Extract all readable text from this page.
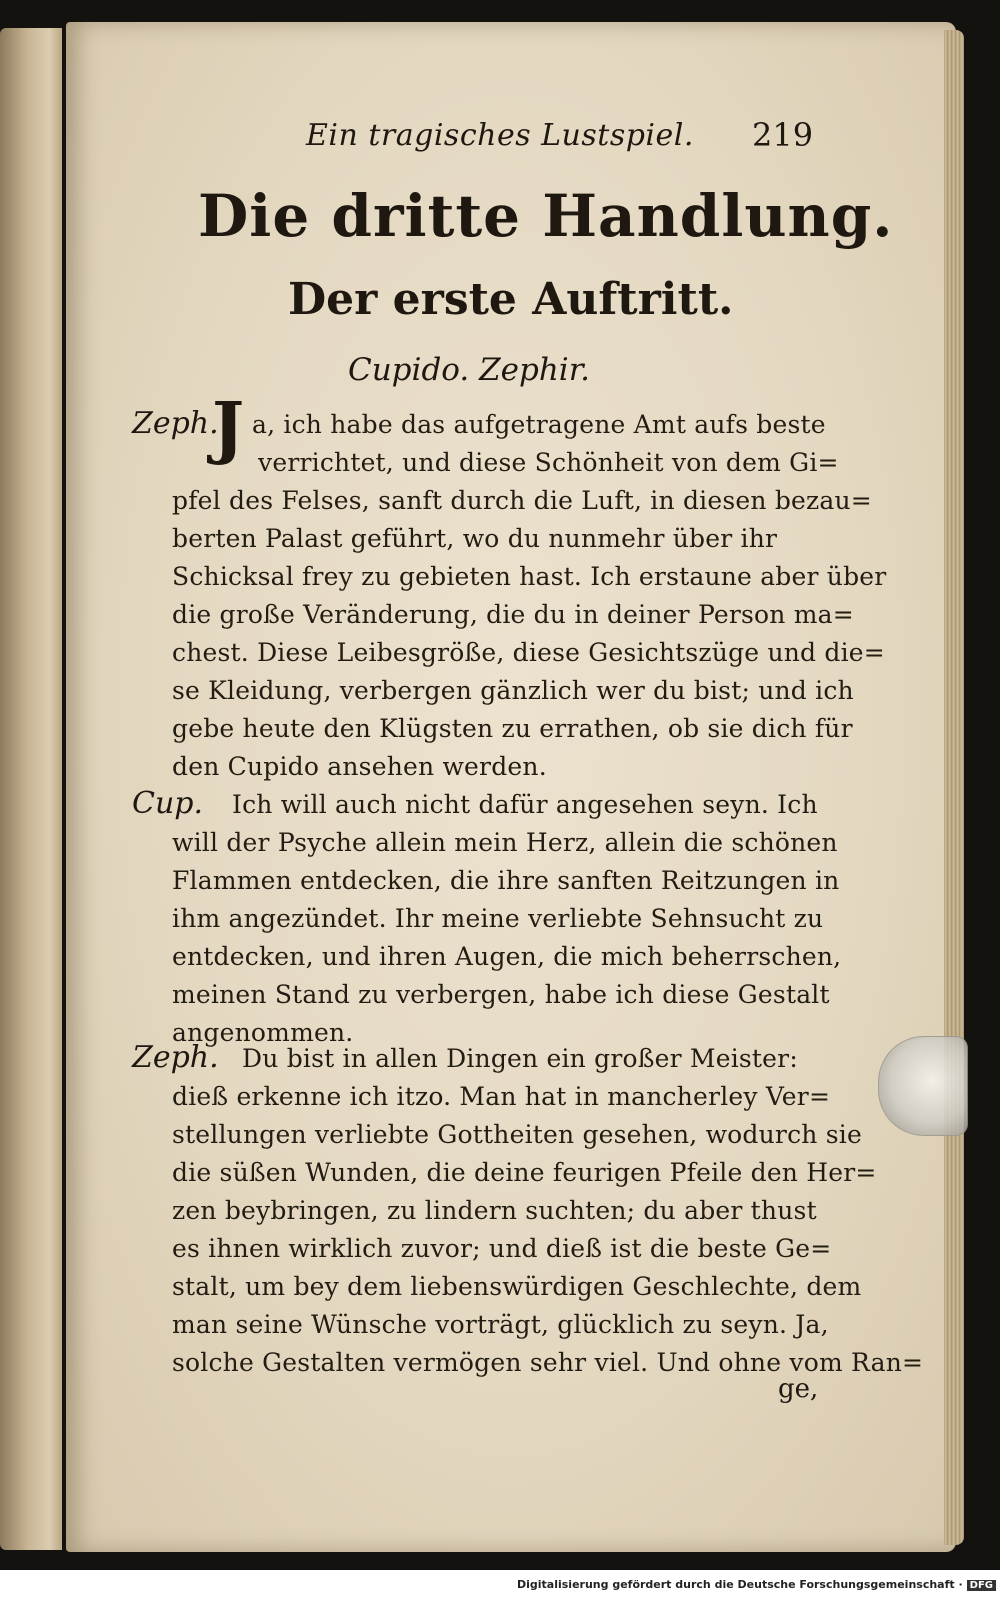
Ein tragisches Lustspiel. 219
Die dritte Handlung.
Der erste Auftritt.
Cupido. Zephir.
Zeph.
J a, ich habe das aufgetragene Amt aufs beste
verrichtet, und diese Schönheit von dem Gi=
pfel des Felses, sanft durch die Luft, in diesen bezau=
berten Palast geführt, wo du nunmehr über ihr
Schicksal frey zu gebieten hast. Ich erstaune aber über
die große Veränderung, die du in deiner Person ma=
chest. Diese Leibesgröße, diese Gesichtszüge und die=
se Kleidung, verbergen gänzlich wer du bist; und ich
gebe heute den Klügsten zu errathen, ob sie dich für
den Cupido ansehen werden.
Cup. Ich will auch nicht dafür angesehen seyn. Ich
will der Psyche allein mein Herz, allein die schönen
Flammen entdecken, die ihre sanften Reitzungen in
ihm angezündet. Ihr meine verliebte Sehnsucht zu
entdecken, und ihren Augen, die mich beherrschen,
meinen Stand zu verbergen, habe ich diese Gestalt
angenommen.
Zeph. Du bist in allen Dingen ein großer Meister:
dieß erkenne ich itzo. Man hat in mancherley Ver=
stellungen verliebte Gottheiten gesehen, wodurch sie
die süßen Wunden, die deine feurigen Pfeile den Her=
zen beybringen, zu lindern suchten; du aber thust
es ihnen wirklich zuvor; und dieß ist die beste Ge=
stalt, um bey dem liebenswürdigen Geschlechte, dem
man seine Wünsche vorträgt, glücklich zu seyn. Ja,
solche Gestalten vermögen sehr viel. Und ohne vom Ran=
ge,
Digitalisierung gefördert durch die Deutsche Forschungsgemeinschaft · DFG
